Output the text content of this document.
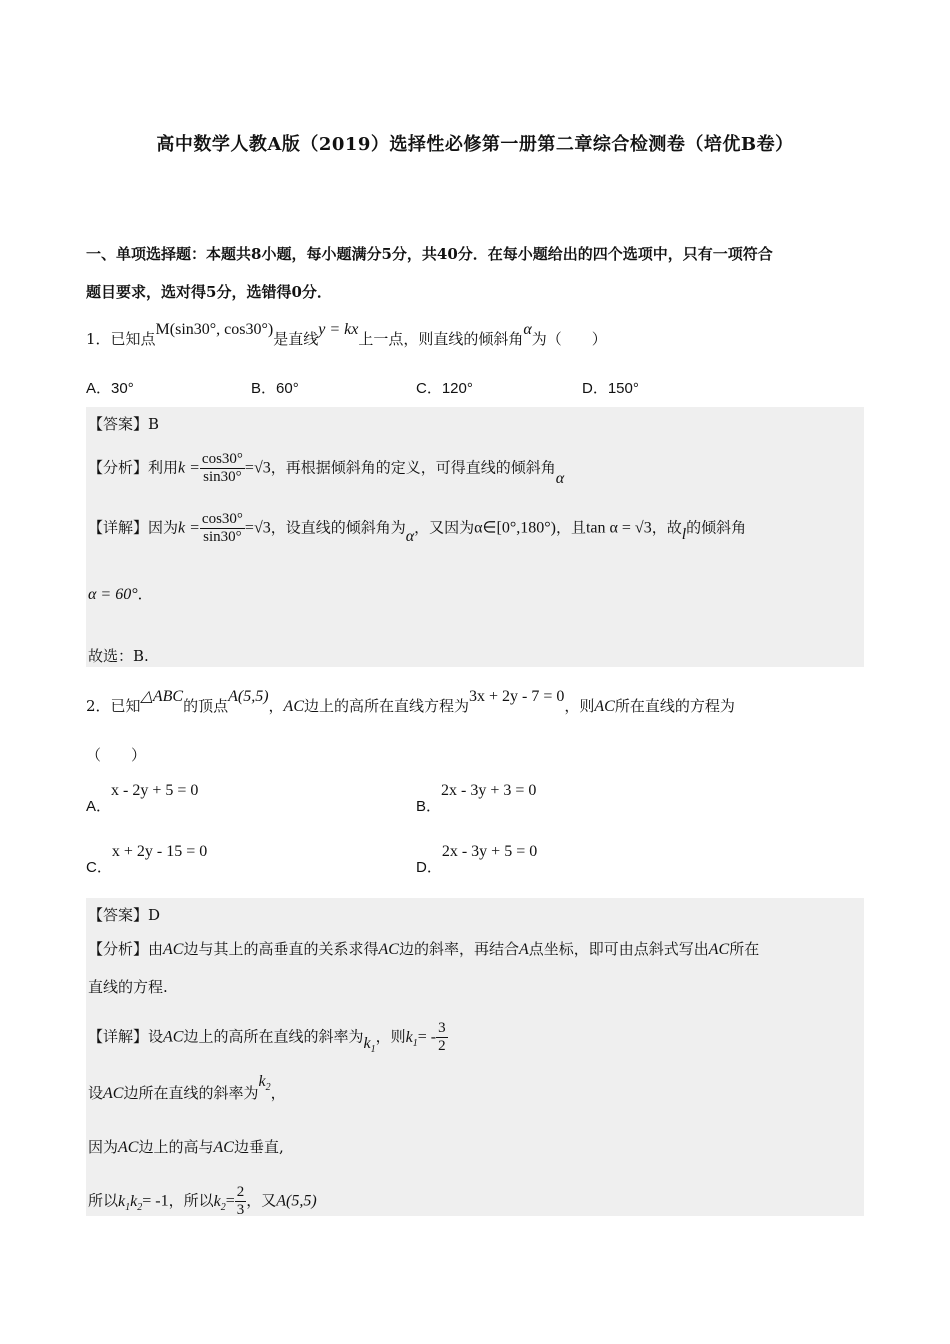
高中数学人教A版（2019）选择性必修第一册第二章综合检测卷（培优B卷）
一、单项选择题：本题共8小题，每小题满分5分，共40分．在每小题给出的四个选项中，只有一项符合
题目要求，选对得5分，选错得0分．
1．已知点M(sin30°, cos30°)是直线y = kx上一点，则直线的倾斜角α为（　　）
A．30°	B．60°	C．120°	D．150°
【答案】B
【分析】利用$k = \frac{\cos 30^\circ}{\sin 30^\circ} =√3$，再根据倾斜角的定义，可得直线的倾斜角α
【详解】因为$k = \frac{\cos 30^\circ}{\sin 30^\circ} =√3$，设直线的倾斜角为α，又因为α∈[0°,180°)，且tan α = √3，故l的倾斜角
α = 60°．
故选：B.
2．已知△ABC的顶点A(5,5)，AC边上的高所在直线方程为3x + 2y - 7 = 0，则AC所在直线的方程为
（　　）
A．x - 2y + 5 = 0
B．2x - 3y + 3 = 0
C．x + 2y - 15 = 0
D．2x - 3y + 5 = 0
【答案】D
【分析】由AC边与其上的高垂直的关系求得AC边的斜率，再结合A点坐标，即可由点斜式写出AC所在
直线的方程.
【详解】设AC边上的高所在直线的斜率为$k_1$，则$k_1= - \frac{3}{2}$
设AC边所在直线的斜率为$k_2$，
因为AC边上的高与AC边垂直,
所以$k_1k_2= -1$，所以$k_2= \frac{2}{3}$ ，又A(5,5)
